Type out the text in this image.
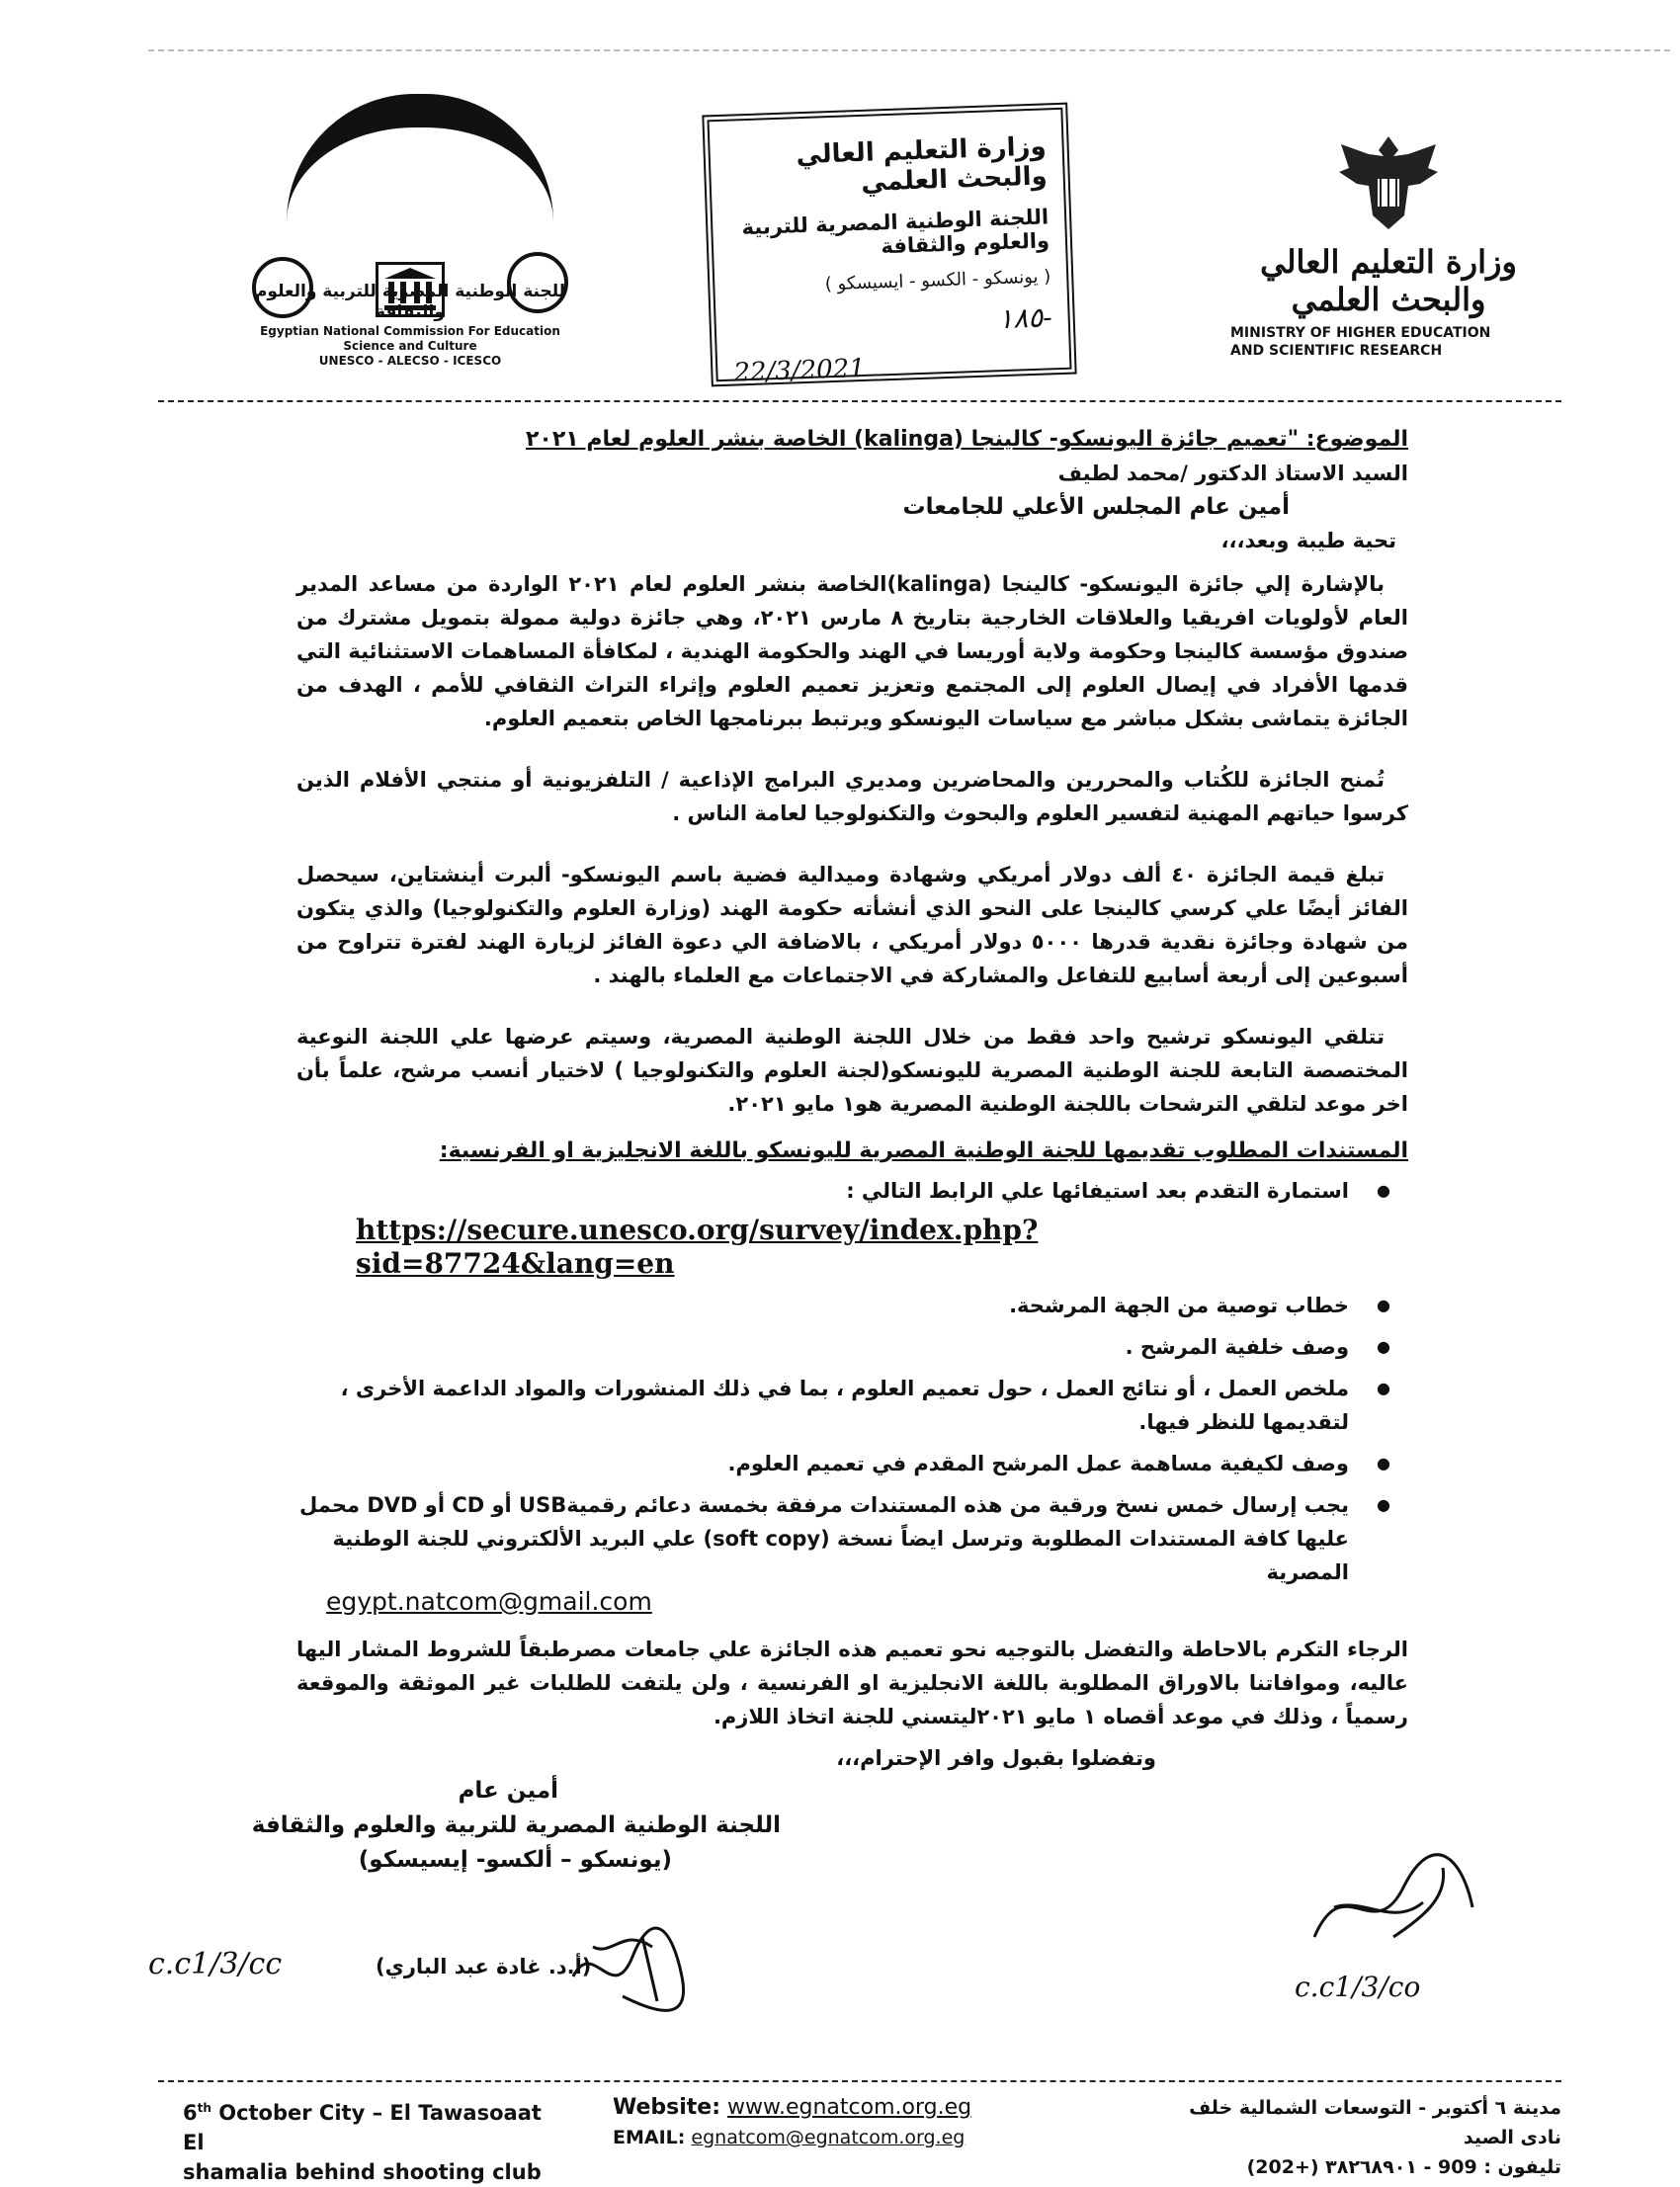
للجنة الوطنية المصرية للتربية والعلوم والثقافة
Egyptian National Commission For Education
Science and Culture
UNESCO - ALECSO - ICESCO
وزارة التعليم العالي والبحث العلمي
اللجنة الوطنية المصرية للتربية والعلوم والثقافة
( يونسكو - الكسو - ايسيسكو )
-١٨٥
22/3/2021
وزارة التعليم العالي والبحث العلمي
MINISTRY OF HIGHER EDUCATION
AND SCIENTIFIC RESEARCH
الموضوع: "تعميم جائزة اليونسكو- كالينجا (kalinga) الخاصة بنشر العلوم لعام ٢٠٢١
السيد الاستاذ الدكتور /محمد لطيف
أمين عام المجلس الأعلي للجامعات
تحية طيبة وبعد،،،
بالإشارة إلي جائزة اليونسكو- كالينجا (kalinga)الخاصة بنشر العلوم لعام ٢٠٢١ الواردة من مساعد المدير العام لأولويات افريقيا والعلاقات الخارجية بتاريخ ٨ مارس ٢٠٢١، وهي جائزة دولية ممولة بتمويل مشترك من صندوق مؤسسة كالينجا وحكومة ولاية أوريسا في الهند والحكومة الهندية ، لمكافأة المساهمات الاستثنائية التي قدمها الأفراد في إيصال العلوم إلى المجتمع وتعزيز تعميم العلوم وإثراء التراث الثقافي للأمم ، الهدف من الجائزة يتماشى بشكل مباشر مع سياسات اليونسكو ويرتبط ببرنامجها الخاص بتعميم العلوم.
تُمنح الجائزة للكُتاب والمحررين والمحاضرين ومديري البرامج الإذاعية / التلفزيونية أو منتجي الأفلام الذين كرسوا حياتهم المهنية لتفسير العلوم والبحوث والتكنولوجيا لعامة الناس .
تبلغ قيمة الجائزة ٤٠ ألف دولار أمريكي وشهادة وميدالية فضية باسم اليونسكو- ألبرت أينشتاين، سيحصل الفائز أيضًا علي كرسي كالينجا على النحو الذي أنشأته حكومة الهند (وزارة العلوم والتكنولوجيا) والذي يتكون من شهادة وجائزة نقدية قدرها ٥٠٠٠ دولار أمريكي ، بالاضافة الي دعوة الفائز لزيارة الهند لفترة تتراوح من أسبوعين إلى أربعة أسابيع للتفاعل والمشاركة في الاجتماعات مع العلماء بالهند .
تتلقي اليونسكو ترشيح واحد فقط من خلال اللجنة الوطنية المصرية، وسيتم عرضها علي اللجنة النوعية المختصصة التابعة للجنة الوطنية المصرية لليونسكو(لجنة العلوم والتكنولوجيا ) لاختيار أنسب مرشح، علماً بأن اخر موعد لتلقي الترشحات باللجنة الوطنية المصرية هو١ مايو ٢٠٢١.
المستندات المطلوب تقديمها للجنة الوطنية المصرية لليونسكو باللغة الانجليزية او الفرنسية:
● استمارة التقدم بعد استيفائها علي الرابط التالي :
https://secure.unesco.org/survey/index.php?sid=87724&lang=en
● خطاب توصية من الجهة المرشحة.
● وصف خلفية المرشح .
● ملخص العمل ، أو نتائج العمل ، حول تعميم العلوم ، بما في ذلك المنشورات والمواد الداعمة الأخرى ، لتقديمها للنظر فيها.
● وصف لكيفية مساهمة عمل المرشح المقدم في تعميم العلوم.
● يجب إرسال خمس نسخ ورقية من هذه المستندات مرفقة بخمسة دعائم رقميةUSB أو CD أو DVD محمل عليها كافة المستندات المطلوبة وترسل ايضاً نسخة (soft copy) علي البريد الألكتروني للجنة الوطنية المصرية
egypt.natcom@gmail.com
الرجاء التكرم بالاحاطة والتفضل بالتوجيه نحو تعميم هذه الجائزة علي جامعات مصرطبقاً للشروط المشار اليها عاليه، وموافاتنا بالاوراق المطلوبة باللغة الانجليزية او الفرنسية ، ولن يلتفت للطلبات غير الموثقة والموقعة رسمياً ، وذلك في موعد أقصاه ١ مايو ٢٠٢١ليتسني للجنة اتخاذ اللازم.
وتفضلوا بقبول وافر الإحترام،،،
أمين عام
اللجنة الوطنية المصرية للتربية والعلوم والثقافة
(يونسكو – ألكسو- إيسيسكو)
c.c1/3/cc	(أ.د. غادة عبد الباري)
c.c1/3/co
6th October City – El Tawasoaat El
shamalia behind shooting club
Website: www.egnatcom.org.eg
EMAIL: egnatcom@egnatcom.org.eg
مدينة ٦ أكتوبر - التوسعات الشمالية خلف نادى الصيد
تليفون : 909 - ٣٨٢٦٨٩٠١ (+202)
